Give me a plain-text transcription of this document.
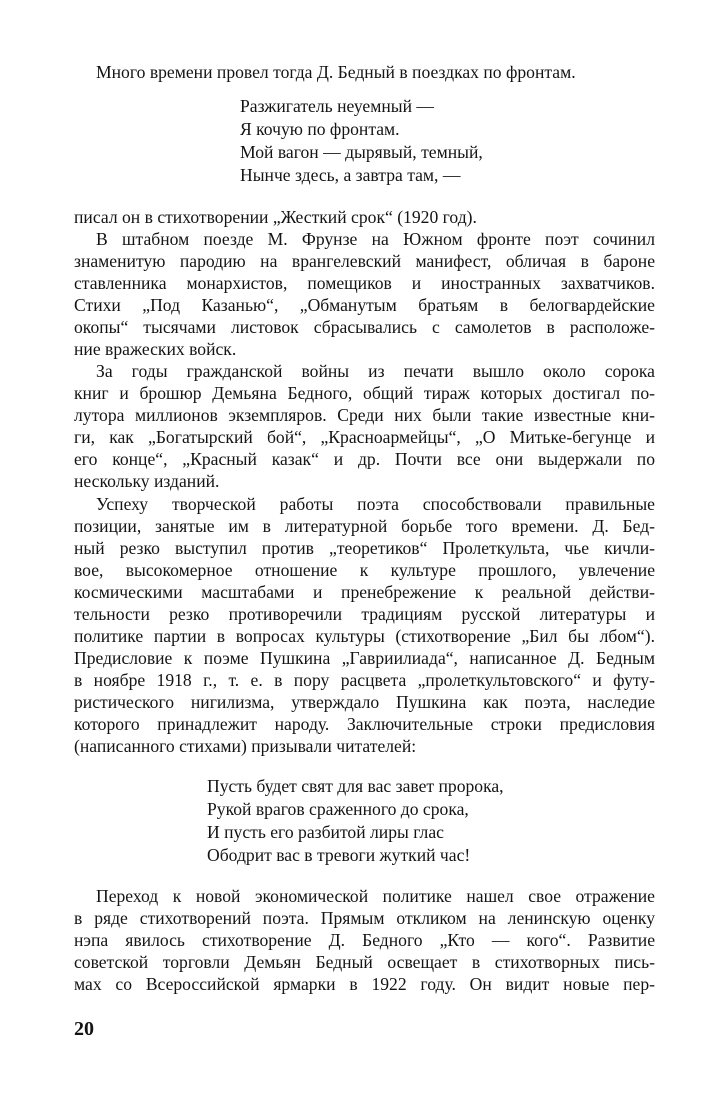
Много времени провел тогда Д. Бедный в поездках по фронтам.
Разжигатель неуемный —
Я кочую по фронтам.
Мой вагон — дырявый, темный,
Нынче здесь, а завтра там, —
писал он в стихотворении „Жесткий срок“ (1920 год).
В штабном поезде М. Фрунзе на Южном фронте поэт сочинил
знаменитую пародию на врангелевский манифест, обличая в бароне
ставленника монархистов, помещиков и иностранных захватчиков.
Стихи „Под Казанью“, „Обманутым братьям в белогвардейские
окопы“ тысячами листовок сбрасывались с самолетов в расположе-
ние вражеских войск.
За годы гражданской войны из печати вышло около сорока
книг и брошюр Демьяна Бедного, общий тираж которых достигал по-
лутора миллионов экземпляров. Среди них были такие известные кни-
ги, как „Богатырский бой“, „Красноармейцы“, „О Митьке-бегунце и
его конце“, „Красный казак“ и др. Почти все они выдержали по
нескольку изданий.
Успеху творческой работы поэта способствовали правильные
позиции, занятые им в литературной борьбе того времени. Д. Бед-
ный резко выступил против „теоретиков“ Пролеткульта, чье кичли-
вое, высокомерное отношение к культуре прошлого, увлечение
космическими масштабами и пренебрежение к реальной действи-
тельности резко противоречили традициям русской литературы и
политике партии в вопросах культуры (стихотворение „Бил бы лбом“).
Предисловие к поэме Пушкина „Гавриилиада“, написанное Д. Бедным
в ноябре 1918 г., т. е. в пору расцвета „пролеткультовского“ и футу-
ристического нигилизма, утверждало Пушкина как поэта, наследие
которого принадлежит народу. Заключительные строки предисловия
(написанного стихами) призывали читателей:
Пусть будет свят для вас завет пророка,
Рукой врагов сраженного до срока,
И пусть его разбитой лиры глас
Ободрит вас в тревоги жуткий час!
Переход к новой экономической политике нашел свое отражение
в ряде стихотворений поэта. Прямым откликом на ленинскую оценку
нэпа явилось стихотворение Д. Бедного „Кто — кого“. Развитие
советской торговли Демьян Бедный освещает в стихотворных пись-
мах со Всероссийской ярмарки в 1922 году. Он видит новые пер-
20
